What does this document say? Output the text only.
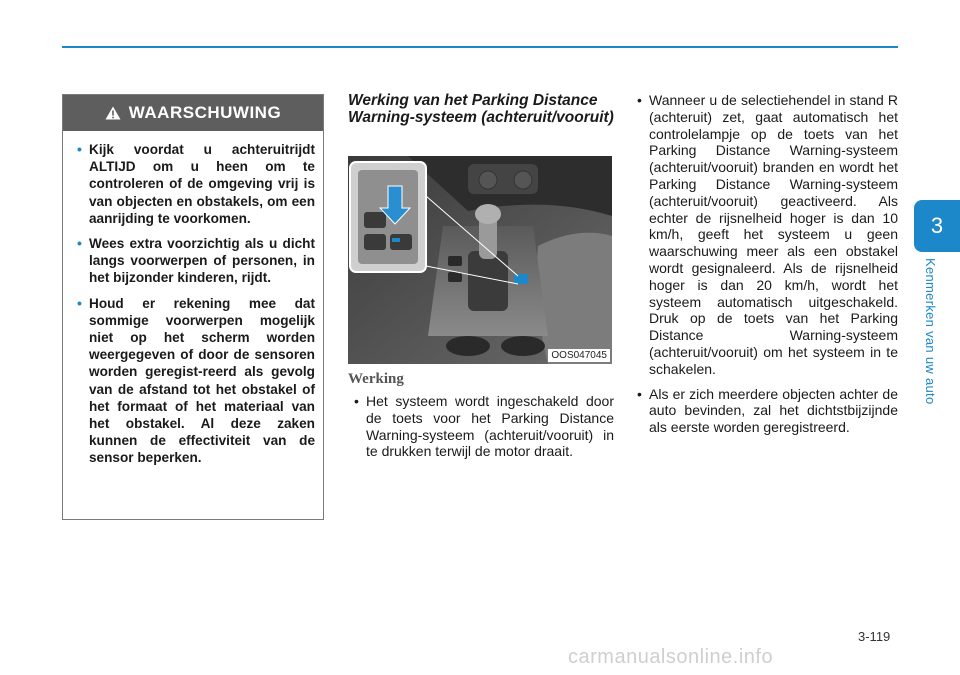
3
Kenmerken van uw auto
WAARSCHUWING
• Kijk voordat u achteruitrijdt ALTIJD om u heen om te controleren of de omgeving vrij is van objecten en obstakels, om een aanrijding te voorkomen.
• Wees extra voorzichtig als u dicht langs voorwerpen of personen, in het bijzonder kinderen, rijdt.
• Houd er rekening mee dat sommige voorwerpen mogelijk niet op het scherm worden weergegeven of door de sensoren worden geregist-reerd als gevolg van de afstand tot het obstakel of het formaat of het materiaal van het obstakel. Al deze zaken kunnen de effectiviteit van de sensor beperken.
Werking van het Parking Distance Warning-systeem (achteruit/vooruit)
OOS047045
Werking
• Het systeem wordt ingeschakeld door de toets voor het Parking Distance Warning-systeem (achteruit/vooruit) in te drukken terwijl de motor draait.
• Wanneer u de selectiehendel in stand R (achteruit) zet, gaat automatisch het controlelampje op de toets van het Parking Distance Warning-systeem (achteruit/vooruit) branden en wordt het Parking Distance Warning-systeem (achteruit/vooruit) geactiveerd. Als echter de rijsnelheid hoger is dan 10 km/h, geeft het systeem u geen waarschuwing meer als een obstakel wordt gesignaleerd. Als de rijsnelheid hoger is dan 20 km/h, wordt het systeem automatisch uitgeschakeld. Druk op de toets van het Parking Distance Warning-systeem (achteruit/vooruit) om het systeem in te schakelen.
• Als er zich meerdere objecten achter de auto bevinden, zal het dichtstbijzijnde als eerste worden geregistreerd.
3-119
carmanualsonline.info
